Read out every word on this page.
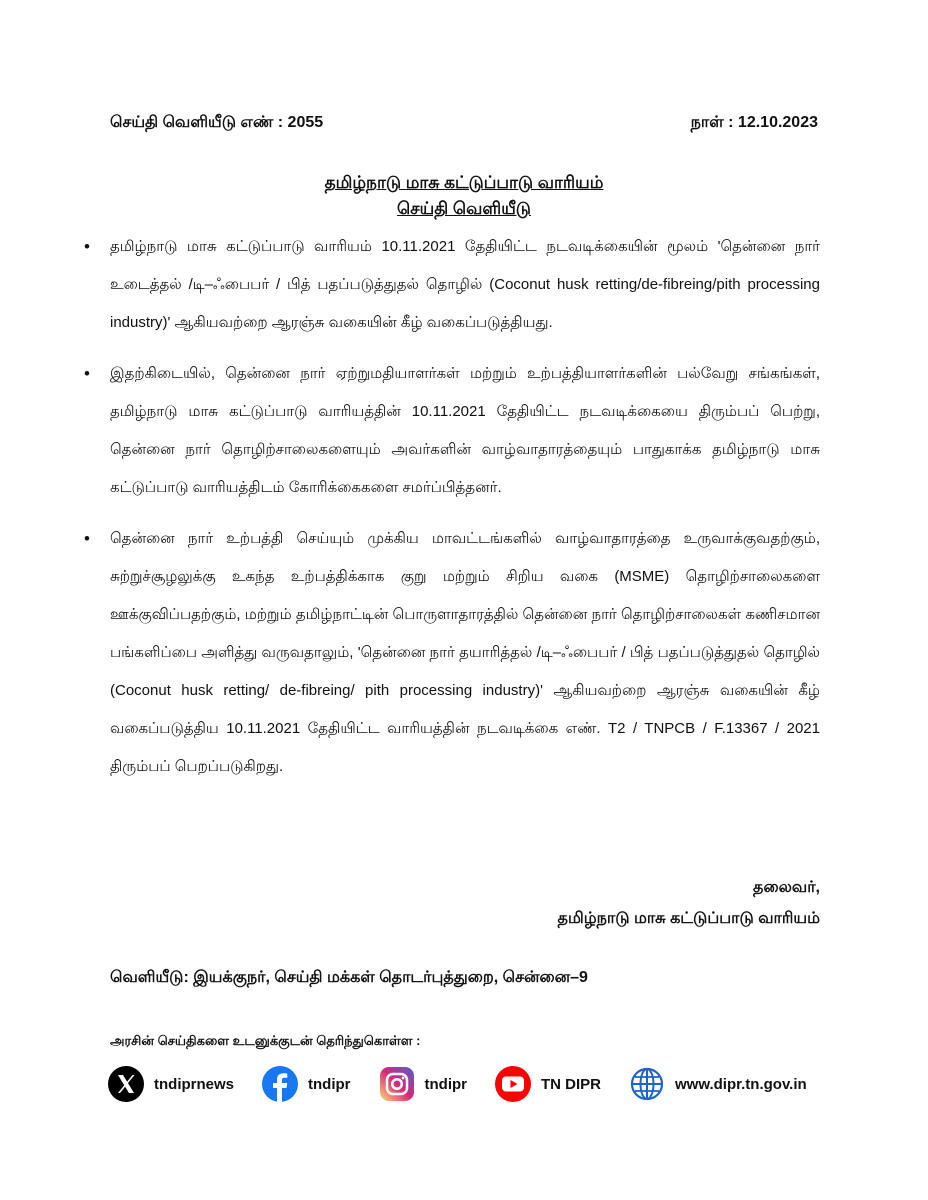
செய்தி வெளியீடு எண் : 2055	நாள் : 12.10.2023
தமிழ்நாடு மாசு கட்டுப்பாடு வாரியம்
செய்தி வெளியீடு
• தமிழ்நாடு மாசு கட்டுப்பாடு வாரியம் 10.11.2021 தேதியிட்ட நடவடிக்கையின் மூலம் 'தென்னை நார் உடைத்தல் /டி–ஃபைபர் / பித் பதப்படுத்துதல் தொழில் (Coconut husk retting/de-fibreing/pith processing industry)' ஆகியவற்றை ஆரஞ்சு வகையின் கீழ் வகைப்படுத்தியது.
• இதற்கிடையில், தென்னை நார் ஏற்றுமதியாளர்கள் மற்றும் உற்பத்தியாளர்களின் பல்வேறு சங்கங்கள், தமிழ்நாடு மாசு கட்டுப்பாடு வாரியத்தின் 10.11.2021 தேதியிட்ட நடவடிக்கையை திரும்பப் பெற்று, தென்னை நார் தொழிற்சாலைகளையும் அவர்களின் வாழ்வாதாரத்தையும் பாதுகாக்க தமிழ்நாடு மாசு கட்டுப்பாடு வாரியத்திடம் கோரிக்கைகளை சமர்ப்பித்தனர்.
• தென்னை நார் உற்பத்தி செய்யும் முக்கிய மாவட்டங்களில் வாழ்வாதாரத்தை உருவாக்குவதற்கும், சுற்றுச்சூழலுக்கு உகந்த உற்பத்திக்காக குறு மற்றும் சிறிய வகை (MSME) தொழிற்சாலைகளை ஊக்குவிப்பதற்கும், மற்றும் தமிழ்நாட்டின் பொருளாதாரத்தில் தென்னை நார் தொழிற்சாலைகள் கணிசமான பங்களிப்பை அளித்து வருவதாலும், 'தென்னை நார் தயாரித்தல் /டி–ஃபைபர் / பித் பதப்படுத்துதல் தொழில் (Coconut husk retting/ de-fibreing/ pith processing industry)' ஆகியவற்றை ஆரஞ்சு வகையின் கீழ் வகைப்படுத்திய 10.11.2021 தேதியிட்ட வாரியத்தின் நடவடிக்கை எண். T2 / TNPCB / F.13367 / 2021 திரும்பப் பெறப்படுகிறது.
தலைவர்,
தமிழ்நாடு மாசு கட்டுப்பாடு வாரியம்
வெளியீடு: இயக்குநர், செய்தி மக்கள் தொடர்புத்துறை, சென்னை–9
அரசின் செய்திகளை உடனுக்குடன் தெரிந்துகொள்ள :
tndiprnews	tndipr	tndipr	TN DIPR	www.dipr.tn.gov.in
